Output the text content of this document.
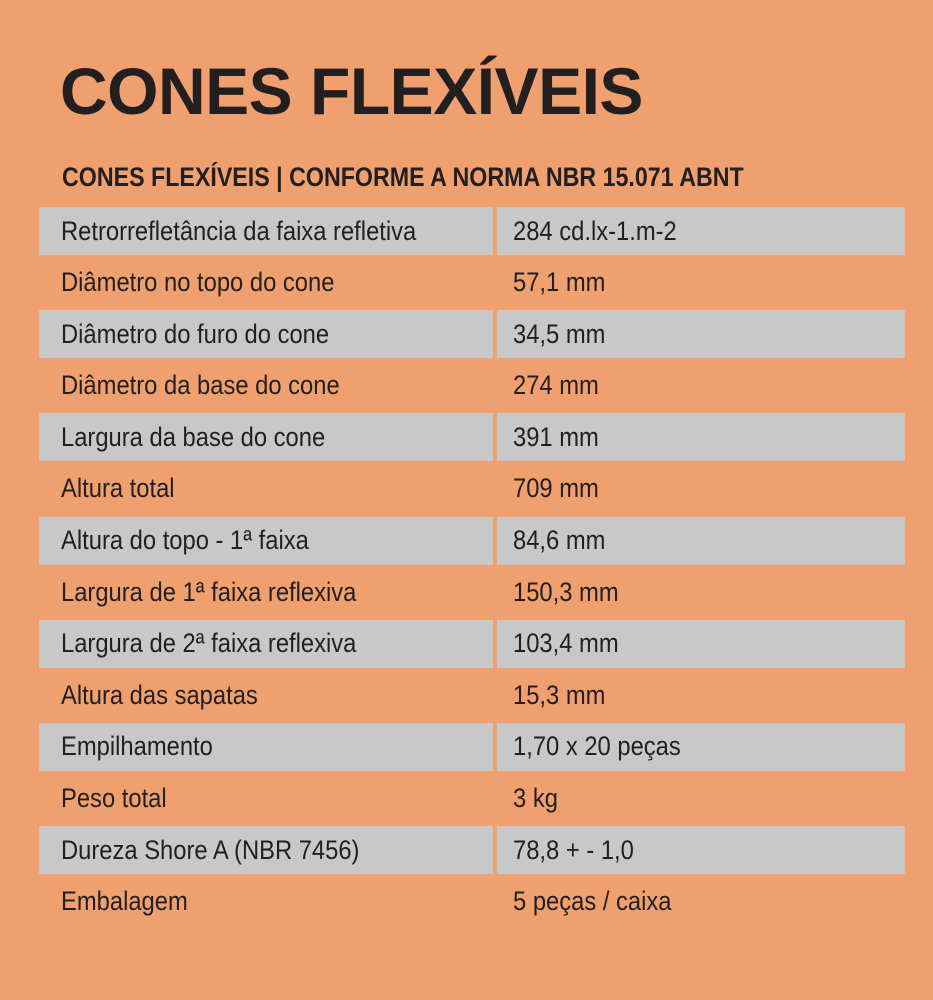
CONES FLEXÍVEIS
CONES FLEXÍVEIS | CONFORME A NORMA NBR 15.071 ABNT
Retrorrefletância da faixa refletiva	284 cd.lx-1.m-2
Diâmetro no topo do cone	57,1 mm
Diâmetro do furo do cone	34,5 mm
Diâmetro da base do cone	274 mm
Largura da base do cone	391 mm
Altura total	709 mm
Altura do topo - 1ª faixa	84,6 mm
Largura de 1ª faixa reflexiva	150,3 mm
Largura de 2ª faixa reflexiva	103,4 mm
Altura das sapatas	15,3 mm
Empilhamento	1,70 x 20 peças
Peso total	3 kg
Dureza Shore A (NBR 7456)	78,8 + - 1,0
Embalagem	5 peças / caixa
